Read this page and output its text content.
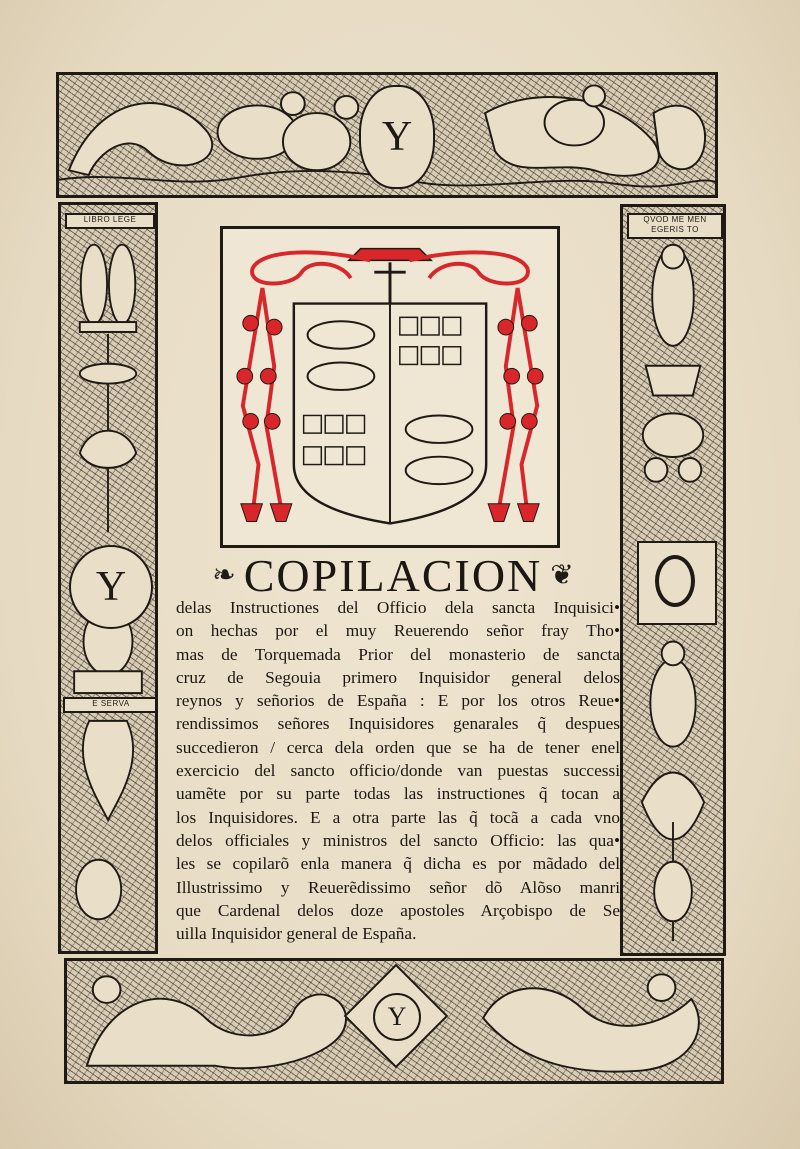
Y
LIBRO LEGE
Y
E SERVA
QVOD ME MEN EGERIS TO
Y
❧ COPILACION ❦
delas Instructiones del Officio dela sancta Inquisici•
on hechas por el muy Reuerendo señor fray Tho•
mas de Torquemada Prior del monasterio de sancta
cruz de Segouia primero Inquisidor general delos
reynos y señorios de España : E por los otros Reue•
rendissimos señores Inquisidores genarales q̃ despues
succedieron / cerca dela orden que se ha de tener enel
exercicio del sancto officio/donde van puestas successi
uamẽte por su parte todas las instructiones q̃ tocan a
los Inquisidores. E a otra parte las q̃ tocã a cada vno
delos officiales y ministros del sancto Officio: las qua•
les se copilarõ enla manera q̃ dicha es por mãdado del
Illustrissimo y Reuerẽdissimo señor dõ Alõso manri
que Cardenal delos doze apostoles Arçobispo de Se
uilla Inquisidor general de España.
